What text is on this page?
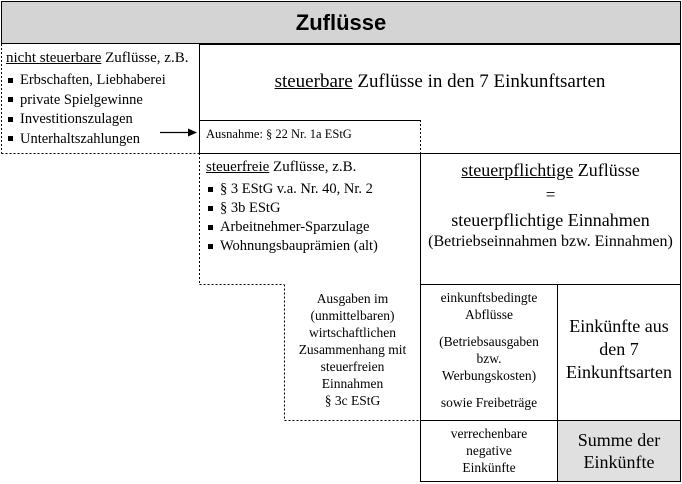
Zuflüsse
steuerbare Zuflüsse in den 7 Einkunftsarten
steuerpflichtige Zuflüsse
=
steuerpflichtige Einnahmen
(Betriebseinnahmen bzw. Einnahmen)
einkunftsbedingte
Abflüsse
(Betriebsausgaben
bzw.
Werbungskosten)
sowie Freibeträge
Einkünfte aus
den 7
Einkunftsarten
verrechenbare
negative
Einkünfte
Summe der
Einkünfte
nicht steuerbare Zuflüsse, z.B.
Erbschaften, Liebhaberei
private Spielgewinne
Investitionszulagen
Unterhaltszahlungen	Ausnahme: § 22 Nr. 1a EStG
steuerfreie Zuflüsse, z.B.
§ 3 EStG v.a. Nr. 40, Nr. 2
§ 3b EStG
Arbeitnehmer-Sparzulage
Wohnungsbauprämien (alt)
Ausgaben im
(unmittelbaren)
wirtschaftlichen
Zusammenhang mit
steuerfreien
Einnahmen
§ 3c EStG
